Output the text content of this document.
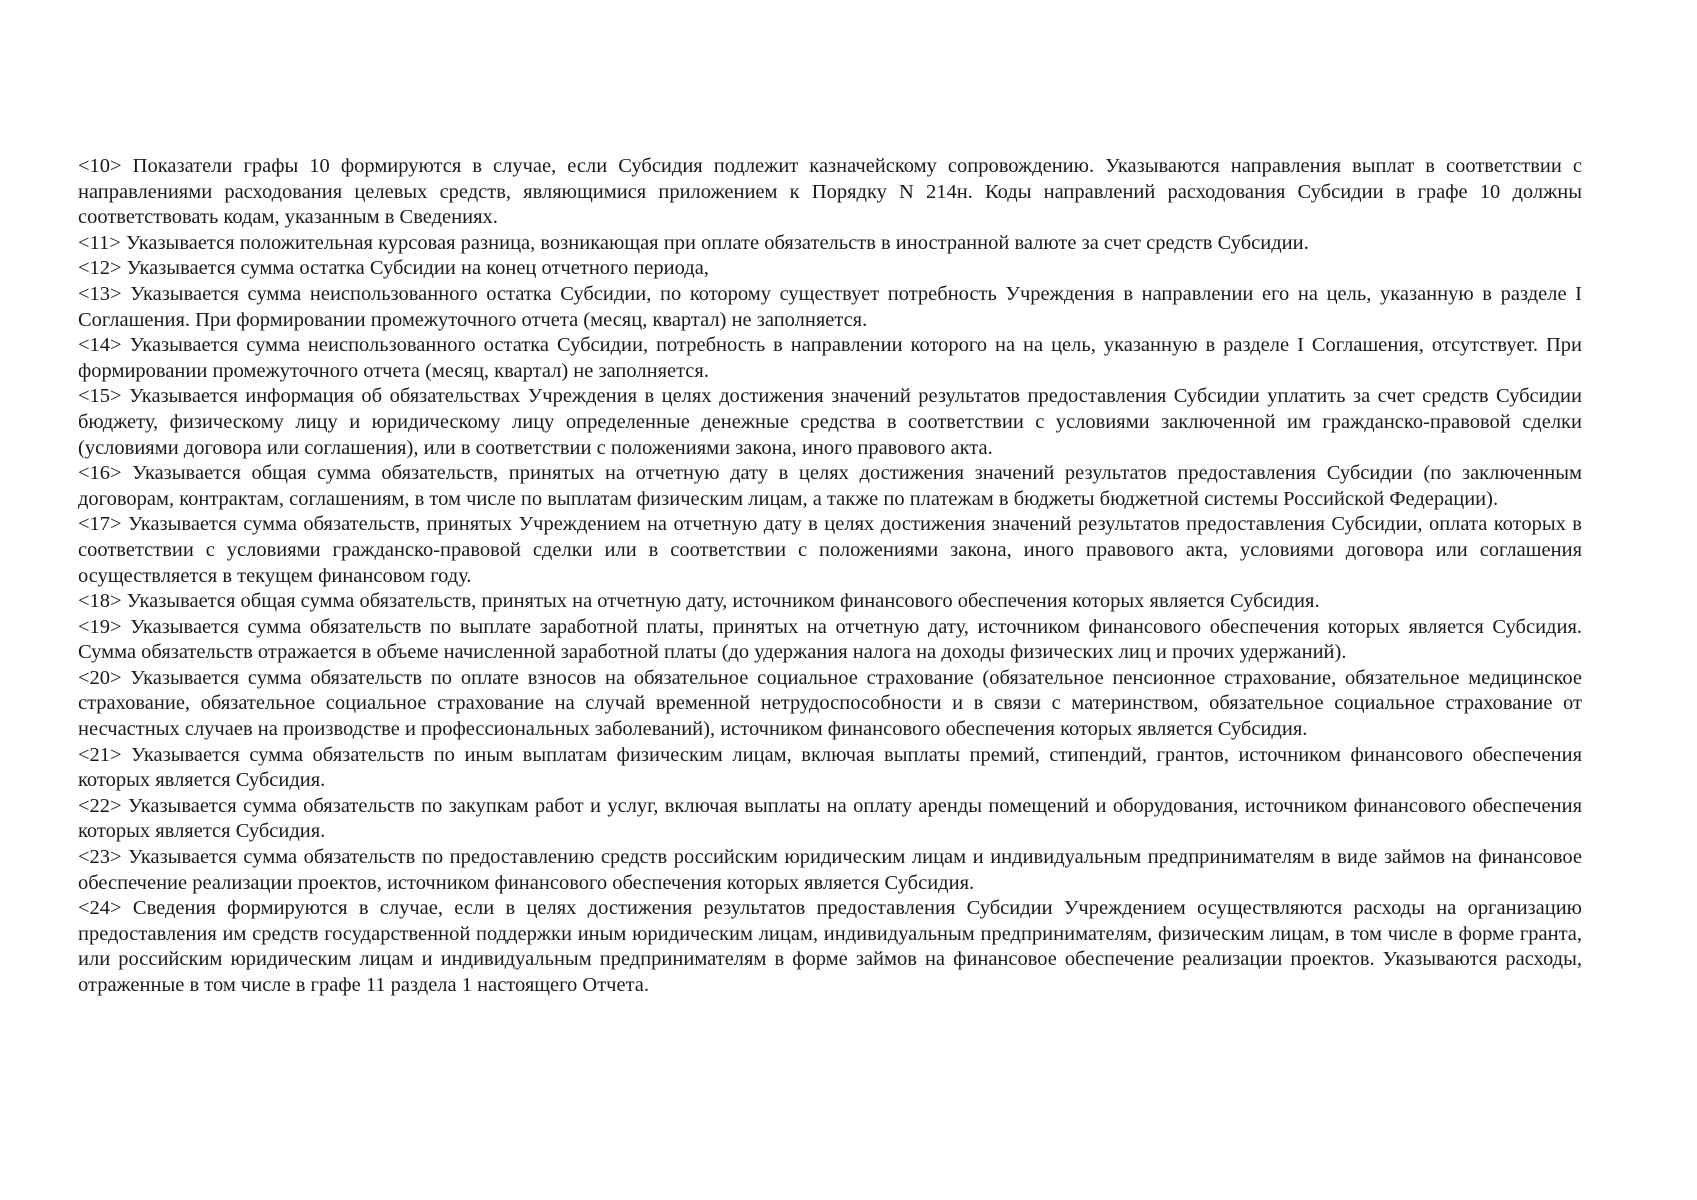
<10> Показатели графы 10 формируются в случае, если Субсидия подлежит казначейскому сопровождению. Указываются направления выплат в соответствии с направлениями расходования целевых средств, являющимися приложением к Порядку N 214н. Коды направлений расходования Субсидии в графе 10 должны соответствовать кодам, указанным в Сведениях.

<11> Указывается положительная курсовая разница, возникающая при оплате обязательств в иностранной валюте за счет средств Субсидии.

<12> Указывается сумма остатка Субсидии на конец отчетного периода,

<13> Указывается сумма неиспользованного остатка Субсидии, по которому существует потребность Учреждения в направлении его на цель, указанную в разделе I Соглашения. При формировании промежуточного отчета (месяц, квартал) не заполняется.

<14> Указывается сумма неиспользованного остатка Субсидии, потребность в направлении которого на на цель, указанную в разделе I Соглашения, отсутствует. При формировании промежуточного отчета (месяц, квартал) не заполняется.

<15> Указывается информация об обязательствах Учреждения в целях достижения значений результатов предоставления Субсидии уплатить за счет средств Субсидии бюджету, физическому лицу и юридическому лицу определенные денежные средства в соответствии с условиями заключенной им гражданско-правовой сделки (условиями договора или соглашения), или в соответствии с положениями закона, иного правового акта.

<16> Указывается общая сумма обязательств, принятых на отчетную дату в целях достижения значений результатов предоставления Субсидии (по заключенным договорам, контрактам, соглашениям, в том числе по выплатам физическим лицам, а также по платежам в бюджеты бюджетной системы Российской Федерации).

<17> Указывается сумма обязательств, принятых Учреждением на отчетную дату в целях достижения значений результатов предоставления Субсидии, оплата которых в соответствии с условиями гражданско-правовой сделки или в соответствии с положениями закона, иного правового акта, условиями договора или соглашения осуществляется в текущем финансовом году.

<18> Указывается общая сумма обязательств, принятых на отчетную дату, источником финансового обеспечения которых является Субсидия.

<19> Указывается сумма обязательств по выплате заработной платы, принятых на отчетную дату, источником финансового обеспечения которых является Субсидия. Сумма обязательств отражается в объеме начисленной заработной платы (до удержания налога на доходы физических лиц и прочих удержаний).

<20> Указывается сумма обязательств по оплате взносов на обязательное социальное страхование (обязательное пенсионное страхование, обязательное медицинское страхование, обязательное социальное страхование на случай временной нетрудоспособности и в связи с материнством, обязательное социальное страхование от несчастных случаев на производстве и профессиональных заболеваний), источником финансового обеспечения которых является Субсидия.

<21> Указывается сумма обязательств по иным выплатам физическим лицам, включая выплаты премий, стипендий, грантов, источником финансового обеспечения которых является Субсидия.

<22> Указывается сумма обязательств по закупкам работ и услуг, включая выплаты на оплату аренды помещений и оборудования, источником финансового обеспечения которых является Субсидия.

<23> Указывается сумма обязательств по предоставлению средств российским юридическим лицам и индивидуальным предпринимателям в виде займов на финансовое обеспечение реализации проектов, источником финансового обеспечения которых является Субсидия.

<24> Сведения формируются в случае, если в целях достижения результатов предоставления Субсидии Учреждением осуществляются расходы на организацию предоставления им средств государственной поддержки иным юридическим лицам, индивидуальным предпринимателям, физическим лицам, в том числе в форме гранта, или российским юридическим лицам и индивидуальным предпринимателям в форме займов на финансовое обеспечение реализации проектов. Указываются расходы, отраженные в том числе в графе 11 раздела 1 настоящего Отчета.
